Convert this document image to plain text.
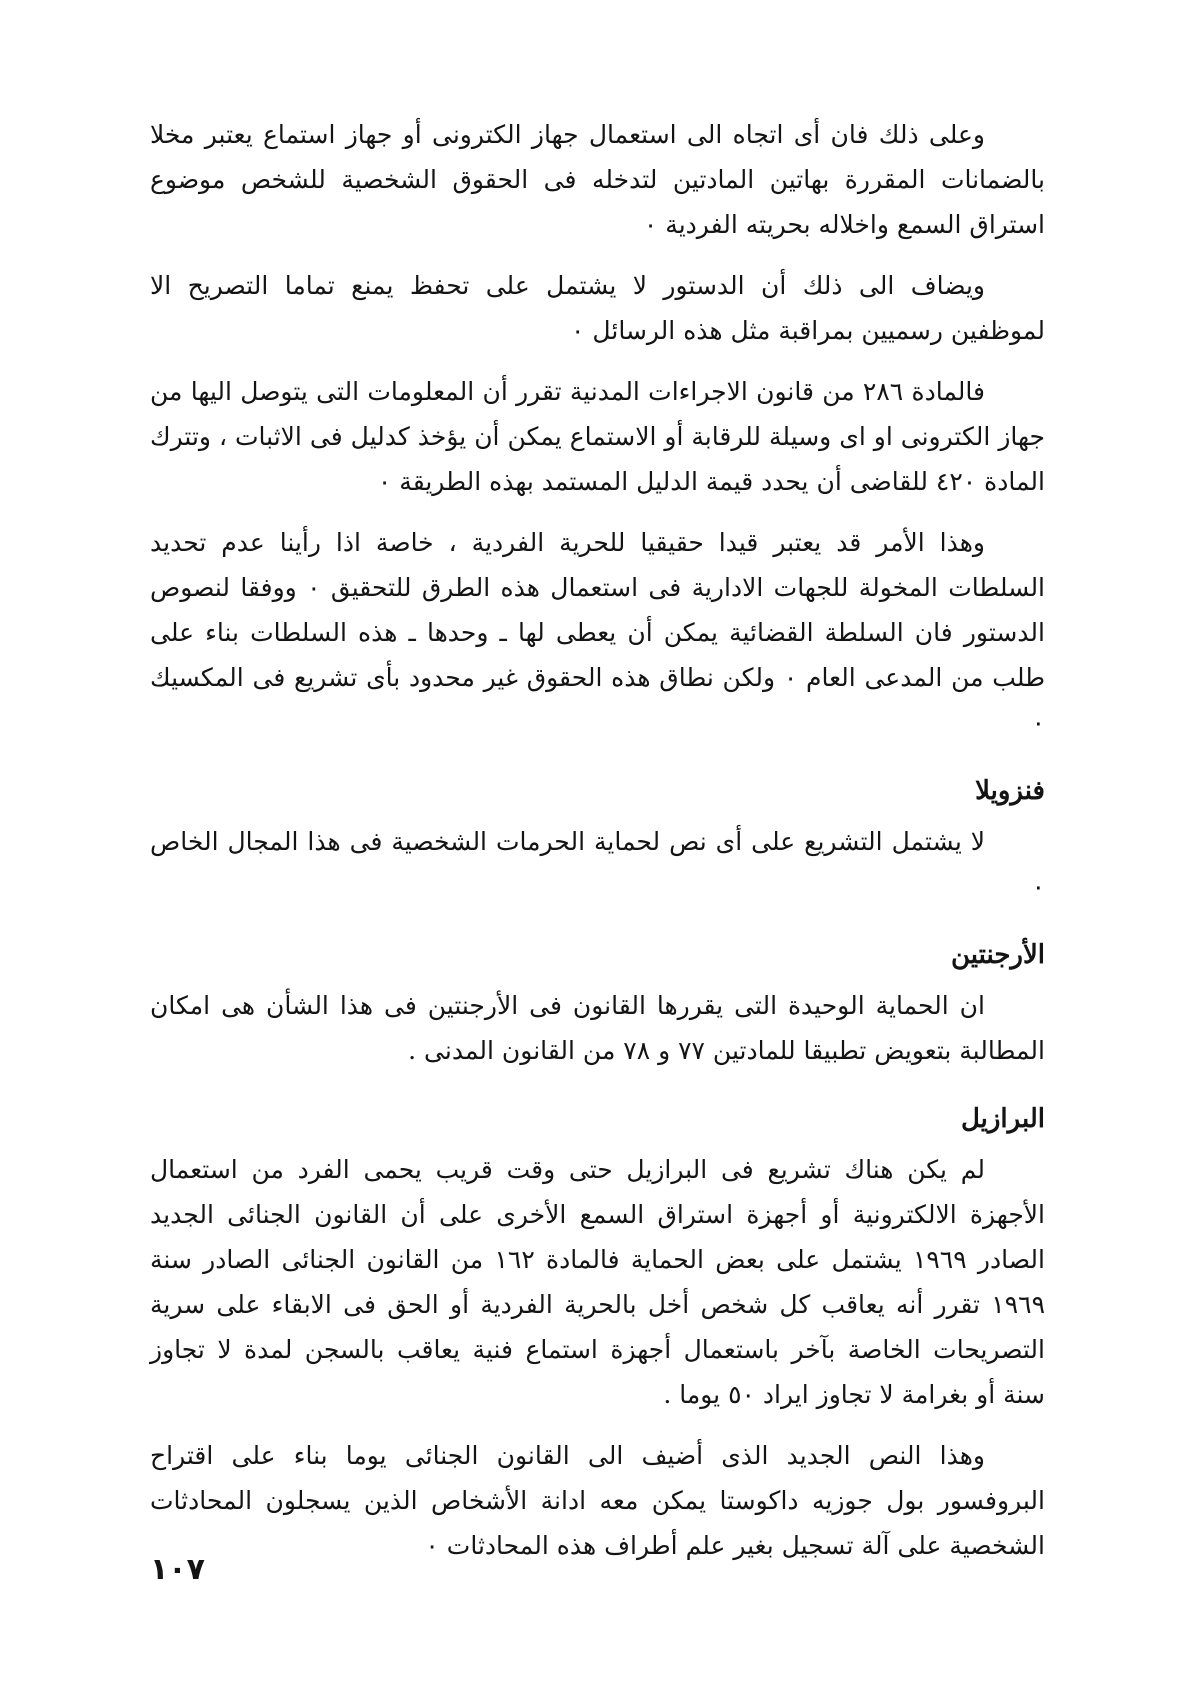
وعلى ذلك فان أى اتجاه الى استعمال جهاز الكترونى أو جهاز استماع يعتبر مخلا بالضمانات المقررة بهاتين المادتين لتدخله فى الحقوق الشخصية للشخص موضوع استراق السمع واخلاله بحريته الفردية ٠

ويضاف الى ذلك أن الدستور لا يشتمل على تحفظ يمنع تماما التصريح الا لموظفين رسميين بمراقبة مثل هذه الرسائل ٠

فالمادة ٢٨٦ من قانون الاجراءات المدنية تقرر أن المعلومات التى يتوصل اليها من جهاز الكترونى او اى وسيلة للرقابة أو الاستماع يمكن أن يؤخذ كدليل فى الاثبات ، وتترك المادة ٤٢٠ للقاضى أن يحدد قيمة الدليل المستمد بهذه الطريقة ٠

وهذا الأمر قد يعتبر قيدا حقيقيا للحرية الفردية ، خاصة اذا رأينا عدم تحديد السلطات المخولة للجهات الادارية فى استعمال هذه الطرق للتحقيق ٠ ووفقا لنصوص الدستور فان السلطة القضائية يمكن أن يعطى لها ـ وحدها ـ هذه السلطات بناء على طلب من المدعى العام ٠ ولكن نطاق هذه الحقوق غير محدود بأى تشريع فى المكسيك ٠

فنزويلا

لا يشتمل التشريع على أى نص لحماية الحرمات الشخصية فى هذا المجال الخاص ٠

الأرجنتين

ان الحماية الوحيدة التى يقررها القانون فى الأرجنتين فى هذا الشأن هى امكان المطالبة بتعويض تطبيقا للمادتين ٧٧ و ٧٨ من القانون المدنى .

البرازيل

لم يكن هناك تشريع فى البرازيل حتى وقت قريب يحمى الفرد من استعمال الأجهزة الالكترونية أو أجهزة استراق السمع الأخرى على أن القانون الجنائى الجديد الصادر ١٩٦٩ يشتمل على بعض الحماية فالمادة ١٦٢ من القانون الجنائى الصادر سنة ١٩٦٩ تقرر أنه يعاقب كل شخص أخل بالحرية الفردية أو الحق فى الابقاء على سرية التصريحات الخاصة بآخر باستعمال أجهزة استماع فنية يعاقب بالسجن لمدة لا تجاوز سنة أو بغرامة لا تجاوز ايراد ٥٠ يوما .

وهذا النص الجديد الذى أضيف الى القانون الجنائى يوما بناء على اقتراح البروفسور بول جوزيه داكوستا يمكن معه ادانة الأشخاص الذين يسجلون المحادثات الشخصية على آلة تسجيل بغير علم أطراف هذه المحادثات ٠

١٠٧
